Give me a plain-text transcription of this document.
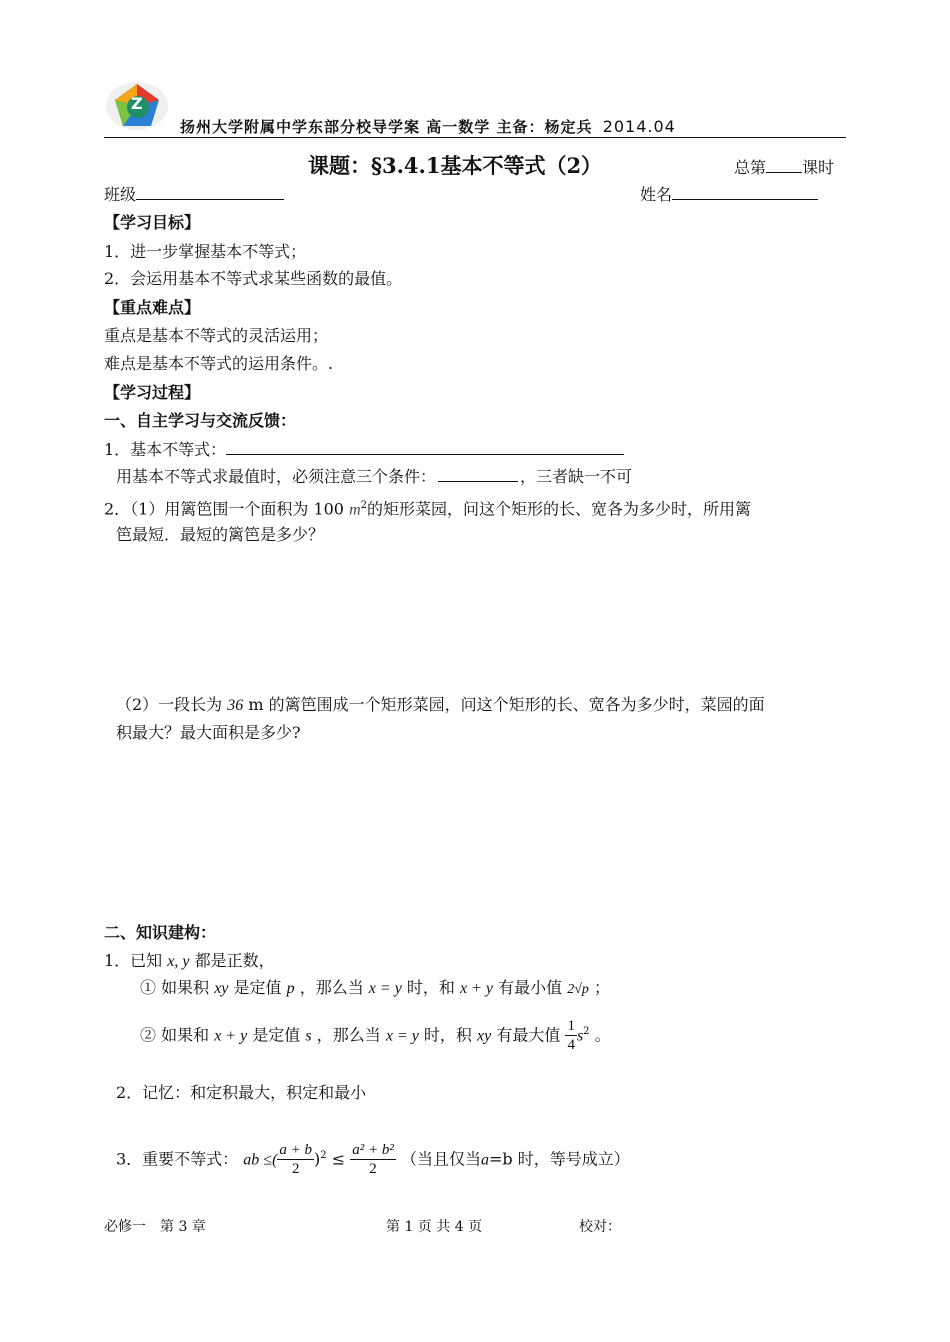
Z
扬州大学附属中学东部分校导学案 高一数学 主备：杨定兵 2014.04
课题：§3.4.1基本不等式（2）	总第 课时
班级	姓名
【学习目标】
1．进一步掌握基本不等式；
2．会运用基本不等式求某些函数的最值。
【重点难点】
重点是基本不等式的灵活运用；
难点是基本不等式的运用条件。.
【学习过程】
一、自主学习与交流反馈：
1．基本不等式：
用基本不等式求最值时，必须注意三个条件：	，三者缺一不可
2．（1）用篱笆围一个面积为 100 $m^2$的矩形菜园，问这个矩形的长、宽各为多少时，所用篱
笆最短．最短的篱笆是多少？
（2）一段长为 36 m 的篱笆围成一个矩形菜园，问这个矩形的长、宽各为多少时，菜园的面
积最大？最大面积是多少?
二、知识建构：
1．已知 x, y 都是正数，
① 如果积 xy 是定值 p ，那么当 x = y 时，和 x + y 有最小值 2√p ；
② 如果和 x + y 是定值 s ，那么当 x = y 时，积 xy 有最大值 $\frac{1}{4} s^2$ 。
2．记忆：和定积最大，积定和最小
3．重要不等式： ab ≤( $\frac{a + b}{2} )^2 \le \frac{\text{a² + b²}}{2}$ （当且仅当a=b 时，等号成立）
必修一　第 3 章	第 1 页 共 4 页	校对：
